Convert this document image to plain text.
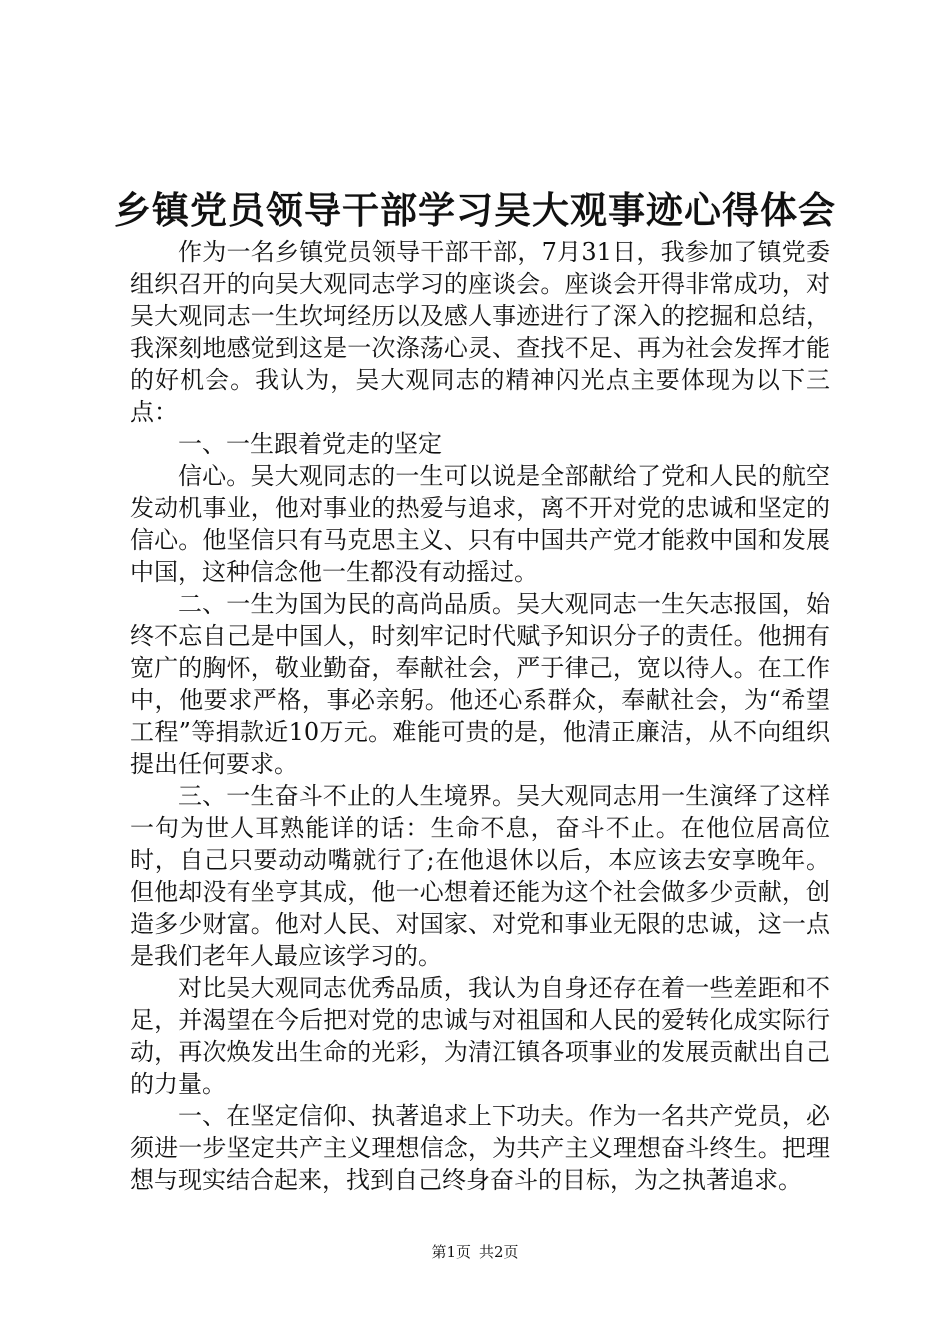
乡镇党员领导干部学习吴大观事迹心得体会

作为一名乡镇党员领导干部干部，7月31日，我参加了镇党委组织召开的向吴大观同志学习的座谈会。座谈会开得非常成功，对吴大观同志一生坎坷经历以及感人事迹进行了深入的挖掘和总结，我深刻地感觉到这是一次涤荡心灵、查找不足、再为社会发挥才能的好机会。我认为，吴大观同志的精神闪光点主要体现为以下三点：

一、一生跟着党走的坚定

信心。吴大观同志的一生可以说是全部献给了党和人民的航空发动机事业，他对事业的热爱与追求，离不开对党的忠诚和坚定的信心。他坚信只有马克思主义、只有中国共产党才能救中国和发展中国，这种信念他一生都没有动摇过。

二、一生为国为民的高尚品质。吴大观同志一生矢志报国，始终不忘自己是中国人，时刻牢记时代赋予知识分子的责任。他拥有宽广的胸怀，敬业勤奋，奉献社会，严于律己，宽以待人。在工作中，他要求严格，事必亲躬。他还心系群众，奉献社会，为“希望工程”等捐款近10万元。难能可贵的是，他清正廉洁，从不向组织提出任何要求。

三、一生奋斗不止的人生境界。吴大观同志用一生演绎了这样一句为世人耳熟能详的话：生命不息，奋斗不止。在他位居高位时，自己只要动动嘴就行了;在他退休以后，本应该去安享晚年。但他却没有坐亨其成，他一心想着还能为这个社会做多少贡献，创造多少财富。他对人民、对国家、对党和事业无限的忠诚，这一点是我们老年人最应该学习的。

对比吴大观同志优秀品质，我认为自身还存在着一些差距和不足，并渴望在今后把对党的忠诚与对祖国和人民的爱转化成实际行动，再次焕发出生命的光彩，为清江镇各项事业的发展贡献出自己的力量。

一、在坚定信仰、执著追求上下功夫。作为一名共产党员，必须进一步坚定共产主义理想信念，为共产主义理想奋斗终生。把理想与现实结合起来，找到自己终身奋斗的目标，为之执著追求。

第1页 共2页
